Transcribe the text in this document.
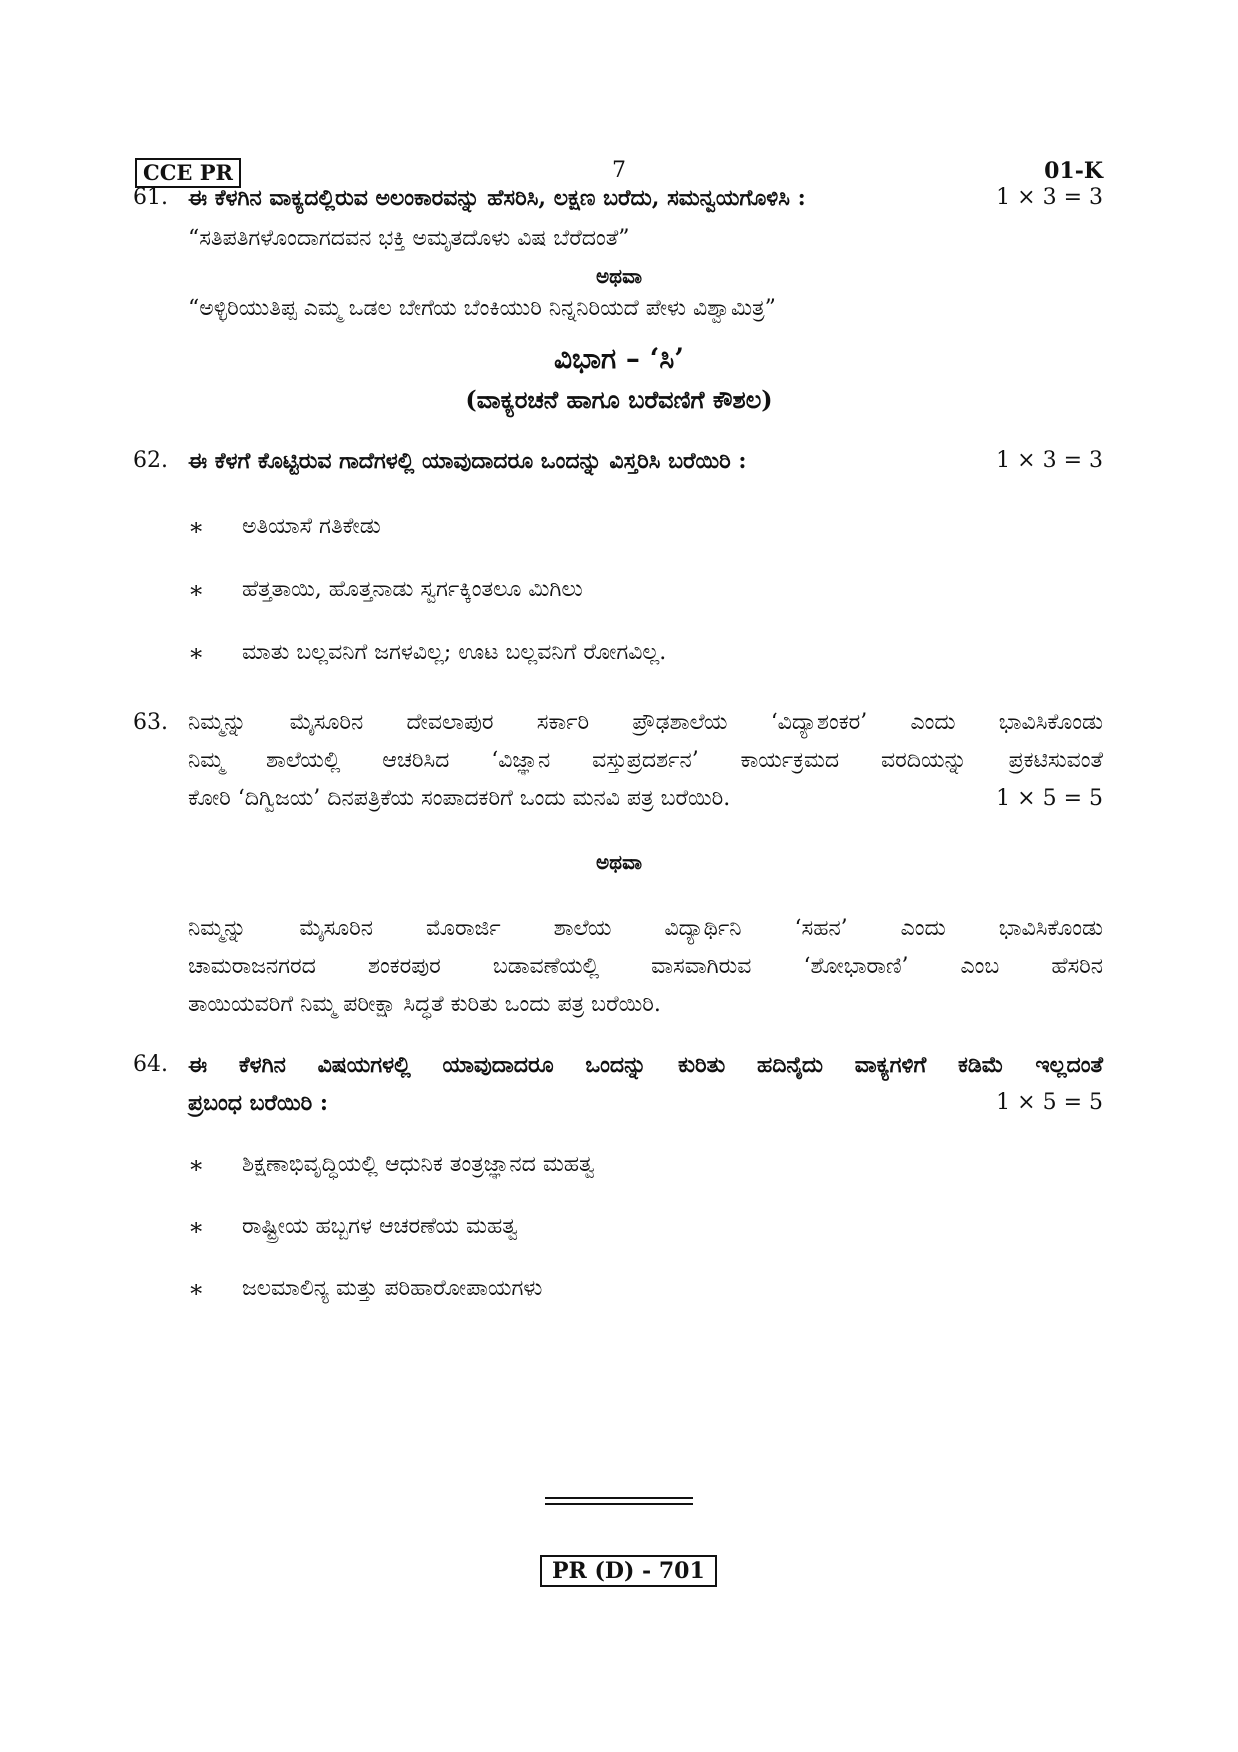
CCE PR	7	01-K
61. ಈ ಕೆಳಗಿನ ವಾಕ್ಯದಲ್ಲಿರುವ ಅಲಂಕಾರವನ್ನು ಹೆಸರಿಸಿ, ಲಕ್ಷಣ ಬರೆದು, ಸಮನ್ವಯಗೊಳಿಸಿ :	1 × 3 = 3
“ಸತಿಪತಿಗಳೊಂದಾಗದವನ ಭಕ್ತಿ ಅಮೃತದೊಳು ವಿಷ ಬೆರೆದಂತೆ”
ಅಥವಾ
“ಅಳ್ಳಿರಿಯುತಿಪ್ಪ ಎಮ್ಮ ಒಡಲ ಬೇಗೆಯ ಬೆಂಕಿಯುರಿ ನಿನ್ನನಿರಿಯದೆ ಪೇಳು ವಿಶ್ವಾಮಿತ್ರ”
ವಿಭಾಗ – ‘ಸಿ’
(ವಾಕ್ಯರಚನೆ ಹಾಗೂ ಬರೆವಣಿಗೆ ಕೌಶಲ)
62. ಈ ಕೆಳಗೆ ಕೊಟ್ಟಿರುವ ಗಾದೆಗಳಲ್ಲಿ ಯಾವುದಾದರೂ ಒಂದನ್ನು ವಿಸ್ತರಿಸಿ ಬರೆಯಿರಿ :	1 × 3 = 3
∗ ಅತಿಯಾಸೆ ಗತಿಕೇಡು
∗ ಹೆತ್ತತಾಯಿ, ಹೊತ್ತನಾಡು ಸ್ವರ್ಗಕ್ಕಿಂತಲೂ ಮಿಗಿಲು
∗ ಮಾತು ಬಲ್ಲವನಿಗೆ ಜಗಳವಿಲ್ಲ; ಊಟ ಬಲ್ಲವನಿಗೆ ರೋಗವಿಲ್ಲ.
63. ನಿಮ್ಮನ್ನು ಮೈಸೂರಿನ ದೇವಲಾಪುರ ಸರ್ಕಾರಿ ಪ್ರೌಢಶಾಲೆಯ ‘ವಿದ್ಯಾಶಂಕರ’ ಎಂದು ಭಾವಿಸಿಕೊಂಡು
ನಿಮ್ಮ ಶಾಲೆಯಲ್ಲಿ ಆಚರಿಸಿದ ‘ವಿಜ್ಞಾನ ವಸ್ತುಪ್ರದರ್ಶನ’ ಕಾರ್ಯಕ್ರಮದ ವರದಿಯನ್ನು ಪ್ರಕಟಿಸುವಂತೆ
ಕೋರಿ ‘ದಿಗ್ವಿಜಯ’ ದಿನಪತ್ರಿಕೆಯ ಸಂಪಾದಕರಿಗೆ ಒಂದು ಮನವಿ ಪತ್ರ ಬರೆಯಿರಿ.	1 × 5 = 5
ಅಥವಾ
ನಿಮ್ಮನ್ನು ಮೈಸೂರಿನ ಮೊರಾರ್ಜಿ ಶಾಲೆಯ ವಿದ್ಯಾರ್ಥಿನಿ ‘ಸಹನ’ ಎಂದು ಭಾವಿಸಿಕೊಂಡು
ಚಾಮರಾಜನಗರದ ಶಂಕರಪುರ ಬಡಾವಣೆಯಲ್ಲಿ ವಾಸವಾಗಿರುವ ‘ಶೋಭಾರಾಣಿ’ ಎಂಬ ಹೆಸರಿನ
ತಾಯಿಯವರಿಗೆ ನಿಮ್ಮ ಪರೀಕ್ಷಾ ಸಿದ್ಧತೆ ಕುರಿತು ಒಂದು ಪತ್ರ ಬರೆಯಿರಿ.
64. ಈ ಕೆಳಗಿನ ವಿಷಯಗಳಲ್ಲಿ ಯಾವುದಾದರೂ ಒಂದನ್ನು ಕುರಿತು ಹದಿನೈದು ವಾಕ್ಯಗಳಿಗೆ ಕಡಿಮೆ ಇಲ್ಲದಂತೆ
ಪ್ರಬಂಧ ಬರೆಯಿರಿ :	1 × 5 = 5
∗ ಶಿಕ್ಷಣಾಭಿವೃದ್ಧಿಯಲ್ಲಿ ಆಧುನಿಕ ತಂತ್ರಜ್ಞಾನದ ಮಹತ್ವ
∗ ರಾಷ್ಟ್ರೀಯ ಹಬ್ಬಗಳ ಆಚರಣೆಯ ಮಹತ್ವ
∗ ಜಲಮಾಲಿನ್ಯ ಮತ್ತು ಪರಿಹಾರೋಪಾಯಗಳು
PR (D) - 701
